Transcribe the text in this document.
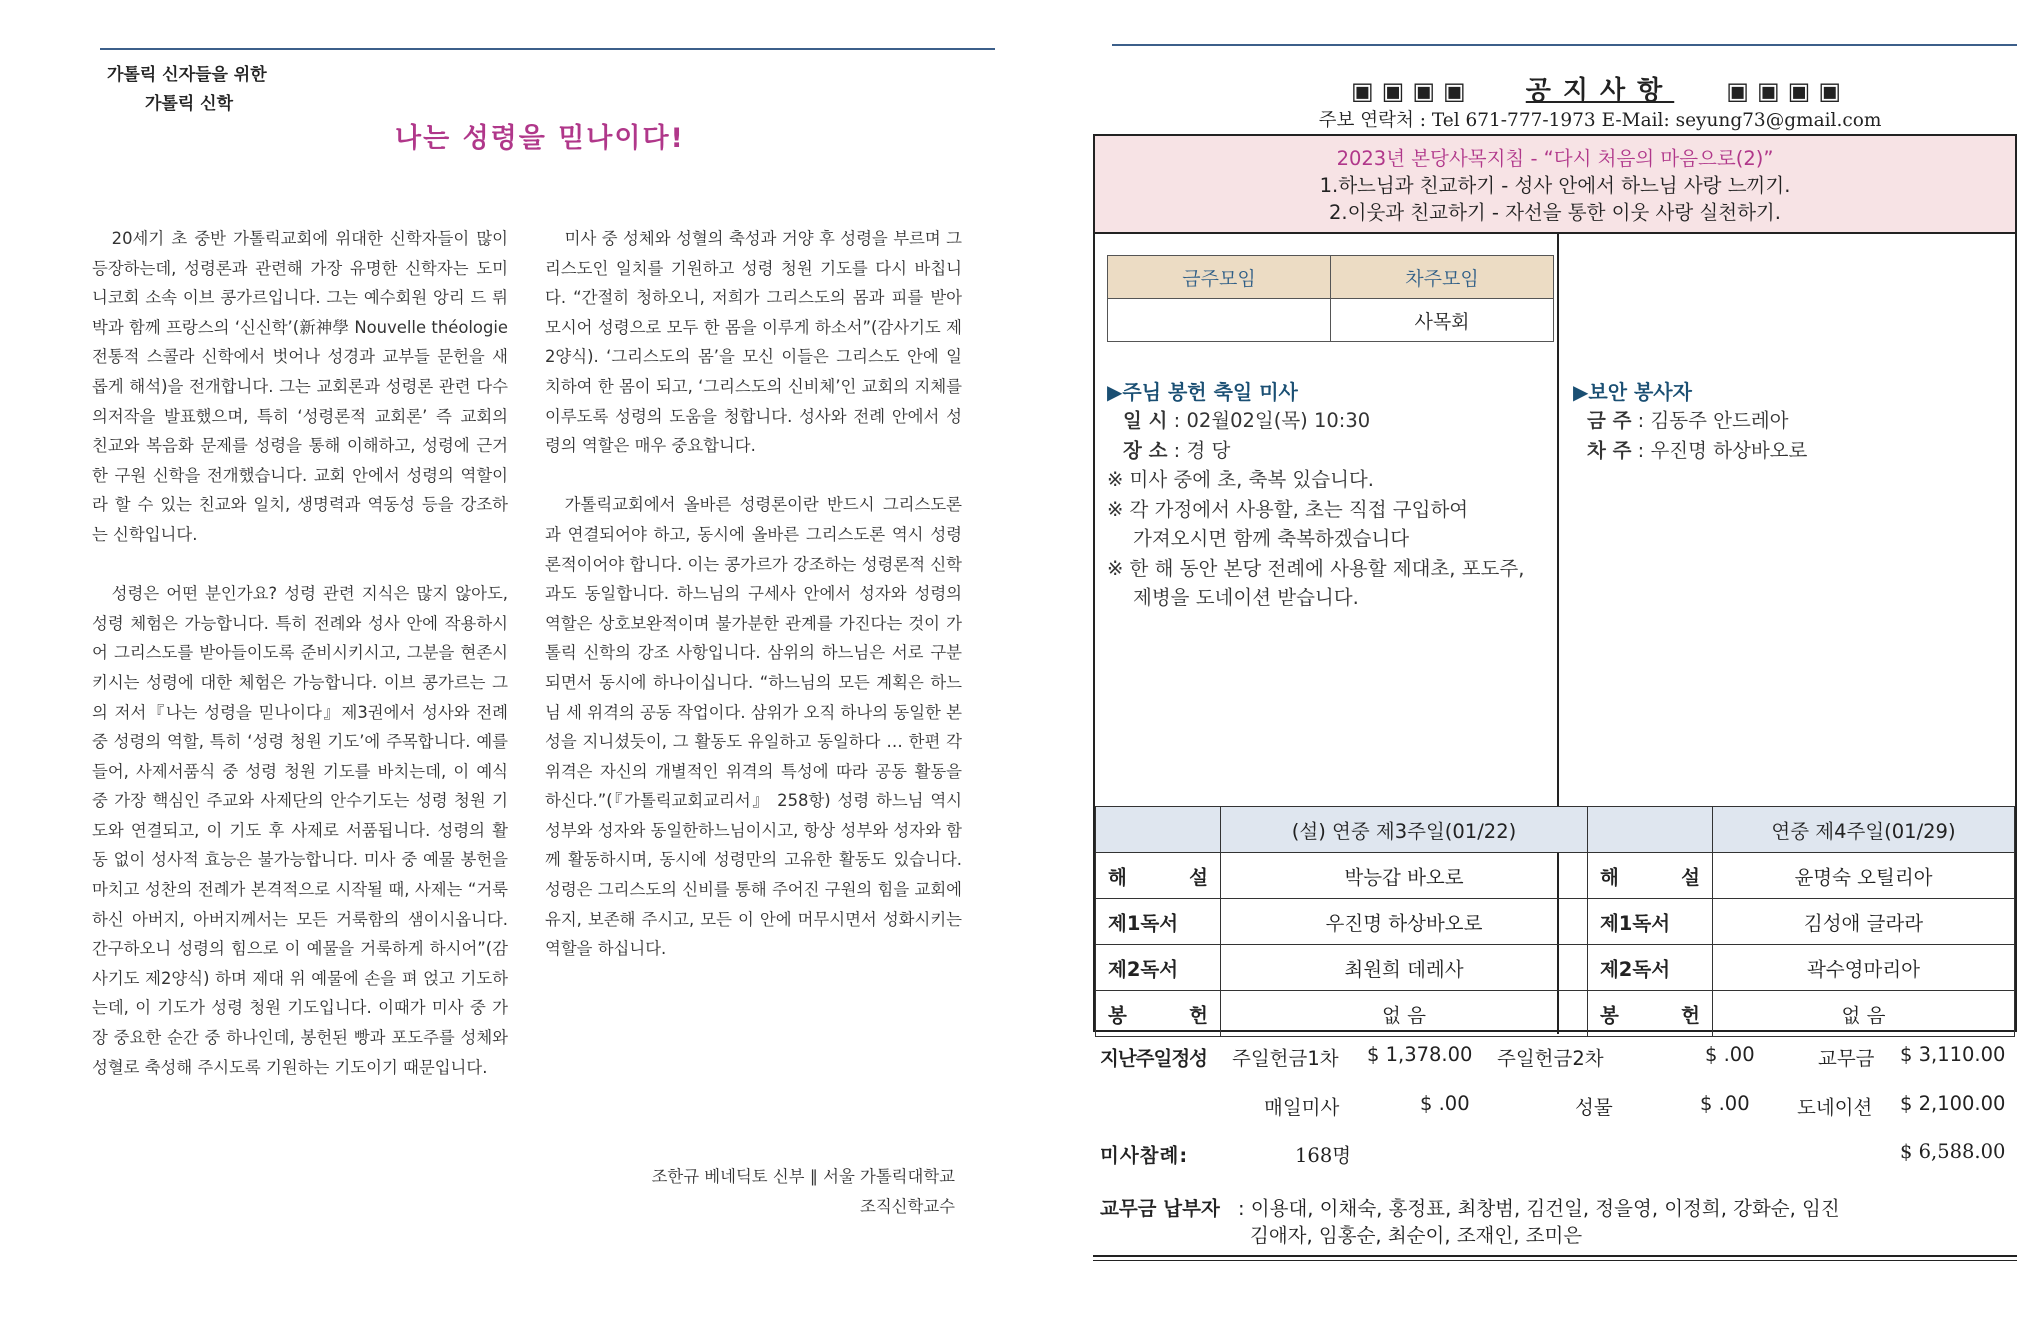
가톨릭 신자들을 위한
가톨릭 신학
나는 성령을 믿나이다!

20세기 초 중반 가톨릭교회에 위대한 신학자들이 많이 등장하는데, 성령론과 관련해 가장 유명한 신학자는 도미니코회 소속 이브 콩가르입니다. 그는 예수회원 앙리 드 뤼박과 함께 프랑스의 ‘신신학’(新神學 Nouvelle théologie 전통적 스콜라 신학에서 벗어나 성경과 교부들 문헌을 새롭게 해석)을 전개합니다. 그는 교회론과 성령론 관련 다수의저작을 발표했으며, 특히 ‘성령론적 교회론’ 즉 교회의 친교와 복음화 문제를 성령을 통해 이해하고, 성령에 근거한 구원 신학을 전개했습니다. 교회 안에서 성령의 역할이라 할 수 있는 친교와 일치, 생명력과 역동성 등을 강조하는 신학입니다.

성령은 어떤 분인가요? 성령 관련 지식은 많지 않아도, 성령 체험은 가능합니다. 특히 전례와 성사 안에 작용하시어 그리스도를 받아들이도록 준비시키시고, 그분을 현존시키시는 성령에 대한 체험은 가능합니다. 이브 콩가르는 그의 저서『나는 성령을 믿나이다』제3권에서 성사와 전례 중 성령의 역할, 특히 ‘성령 청원 기도’에 주목합니다. 예를 들어, 사제서품식 중 성령 청원 기도를 바치는데, 이 예식 중 가장 핵심인 주교와 사제단의 안수기도는 성령 청원 기도와 연결되고, 이 기도 후 사제로 서품됩니다. 성령의 활동 없이 성사적 효능은 불가능합니다. 미사 중 예물 봉헌을 마치고 성찬의 전례가 본격적으로 시작될 때, 사제는 “거룩하신 아버지, 아버지께서는 모든 거룩함의 샘이시옵니다. 간구하오니 성령의 힘으로 이 예물을 거룩하게 하시어”(감사기도 제2양식) 하며 제대 위 예물에 손을 펴 얹고 기도하는데, 이 기도가 성령 청원 기도입니다. 이때가 미사 중 가장 중요한 순간 중 하나인데, 봉헌된 빵과 포도주를 성체와 성혈로 축성해 주시도록 기원하는 기도이기 때문입니다.

미사 중 성체와 성혈의 축성과 거양 후 성령을 부르며 그리스도인 일치를 기원하고 성령 청원 기도를 다시 바칩니다. “간절히 청하오니, 저희가 그리스도의 몸과 피를 받아 모시어 성령으로 모두 한 몸을 이루게 하소서”(감사기도 제2양식). ‘그리스도의 몸’을 모신 이들은 그리스도 안에 일치하여 한 몸이 되고, ‘그리스도의 신비체’인 교회의 지체를 이루도록 성령의 도움을 청합니다. 성사와 전례 안에서 성령의 역할은 매우 중요합니다.

가톨릭교회에서 올바른 성령론이란 반드시 그리스도론과 연결되어야 하고, 동시에 올바른 그리스도론 역시 성령론적이어야 합니다. 이는 콩가르가 강조하는 성령론적 신학과도 동일합니다. 하느님의 구세사 안에서 성자와 성령의 역할은 상호보완적이며 불가분한 관계를 가진다는 것이 가톨릭 신학의 강조 사항입니다. 삼위의 하느님은 서로 구분되면서 동시에 하나이십니다. “하느님의 모든 계획은 하느님 세 위격의 공동 작업이다. 삼위가 오직 하나의 동일한 본성을 지니셨듯이, 그 활동도 유일하고 동일하다 … 한편 각 위격은 자신의 개별적인 위격의 특성에 따라 공동 활동을 하신다.”(『가톨릭교회교리서』 258항) 성령 하느님 역시 성부와 성자와 동일한하느님이시고, 항상 성부와 성자와 함께 활동하시며, 동시에 성령만의 고유한 활동도 있습니다. 성령은 그리스도의 신비를 통해 주어진 구원의 힘을 교회에 유지, 보존해 주시고, 모든 이 안에 머무시면서 성화시키는 역할을 하십니다.

조한규 베네딕토 신부 ∥ 서울 가톨릭대학교
조직신학교수
▣▣▣▣ 공지사항 ▣▣▣▣
주보 연락처 : Tel 671-777-1973 E-Mail: seyung73@gmail.com
2023년 본당사목지침 - “다시 처음의 마음으로(2)”
1.하느님과 친교하기 - 성사 안에서 하느님 사랑 느끼기.
2.이웃과 친교하기 - 자선을 통한 이웃 사랑 실천하기.
금주모임	차주모임
	사목회
▶주님 봉헌 축일 미사
일 시 : 02월02일(목) 10:30
장 소 : 경 당
※ 미사 중에 초, 축복 있습니다.
※ 각 가정에서 사용할, 초는 직접 구입하여
가져오시면 함께 축복하겠습니다
※ 한 해 동안 본당 전례에 사용할 제대초, 포도주,
제병을 도네이션 받습니다.
▶보안 봉사자
금 주 : 김동주 안드레아
차 주 : 우진명 하상바오로
	(설) 연중 제3주일(01/22)		연중 제4주일(01/29)
해 설	박능갑 바오로	해 설	윤명숙 오틸리아
제1독서	우진명 하상바오로	제1독서	김성애 글라라
제2독서	최원희 데레사	제2독서	곽수영마리아
봉 헌	없 음	봉 헌	없 음
지난주일정성 주일헌금1차 $ 1,378.00 주일헌금2차	$ .00	교무금 $ 3,110.00
매일미사	$ .00	성물	$ .00 도네이션 $ 2,100.00
미사참례:	168명	$ 6,588.00
교무금 납부자 : 이용대, 이채숙, 홍정표, 최창범, 김건일, 정을영, 이정희, 강화순, 임진
김애자, 임홍순, 최순이, 조재인, 조미은
